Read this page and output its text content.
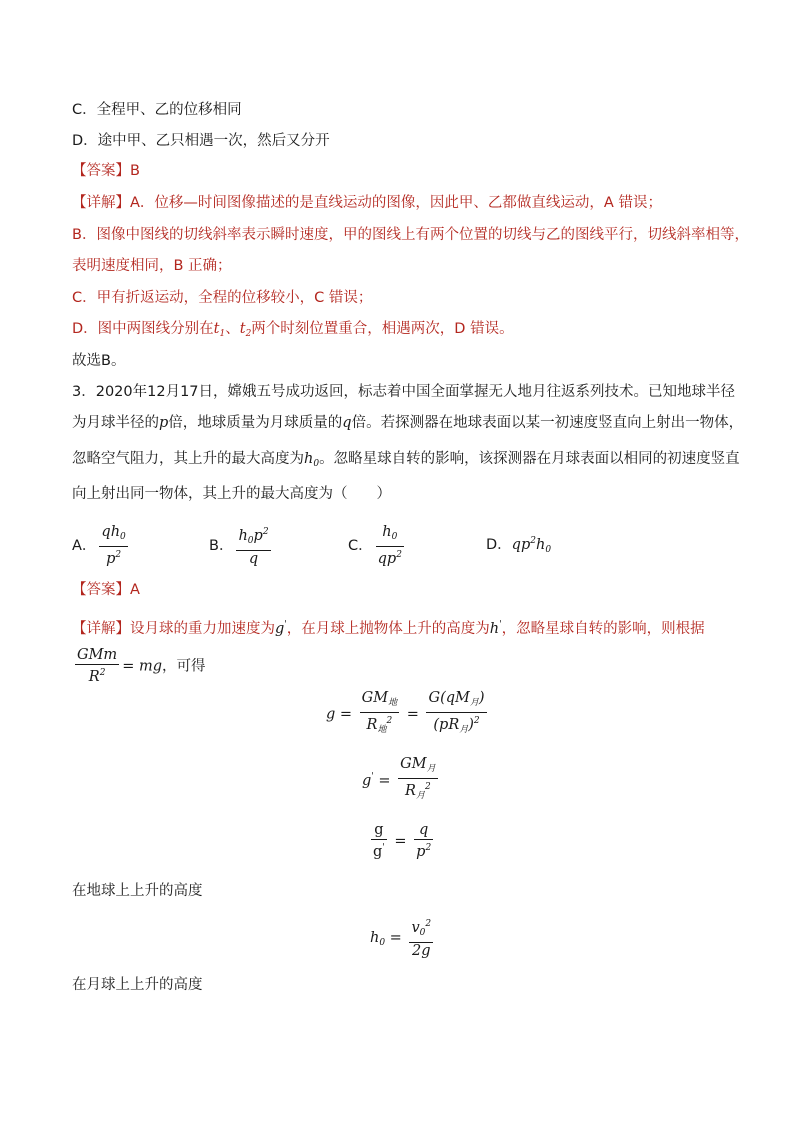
C．全程甲、乙的位移相同
D．途中甲、乙只相遇一次，然后又分开
【答案】B
【详解】A．位移—时间图像描述的是直线运动的图像，因此甲、乙都做直线运动，A 错误；
B．图像中图线的切线斜率表示瞬时速度，甲的图线上有两个位置的切线与乙的图线平行，切线斜率相等，
表明速度相同，B 正确；
C．甲有折返运动，全程的位移较小，C 错误；
D．图中两图线分别在$t_1$、$t_2$两个时刻位置重合，相遇两次，D 错误。
故选B。
3．2020年12月17日，嫦娥五号成功返回，标志着中国全面掌握无人地月往返系列技术。已知地球半径
为月球半径的p倍，地球质量为月球质量的q倍。若探测器在地球表面以某一初速度竖直向上射出一物体，
忽略空气阻力，其上升的最大高度为$h_0$。忽略星球自转的影响，该探测器在月球表面以相同的初速度竖直
向上射出同一物体，其上升的最大高度为（　　）
A． $\frac{qh_0}{p^2}$	B． $\frac{h_0p^2}{q}$	C． $\frac{h_0}{qp^2}$	D．$qp^2h_0$
【答案】A
【详解】设月球的重力加速度为g'，在月球上抛物体上升的高度为h'，忽略星球自转的影响，则根据
$\frac{\text{GMm}}{R^2}$ = mg，可得
$g = \frac{GM_地}{R_地^2} = \frac{G(qM_月)}{(pR_月)^2}$
$g' = \frac{GM_月}{R_月^2}$
$\frac{g}{g'} = \frac{q}{p^2}$
在地球上上升的高度
$h_0 = \frac{v_0^2}{2g}$
在月球上上升的高度
